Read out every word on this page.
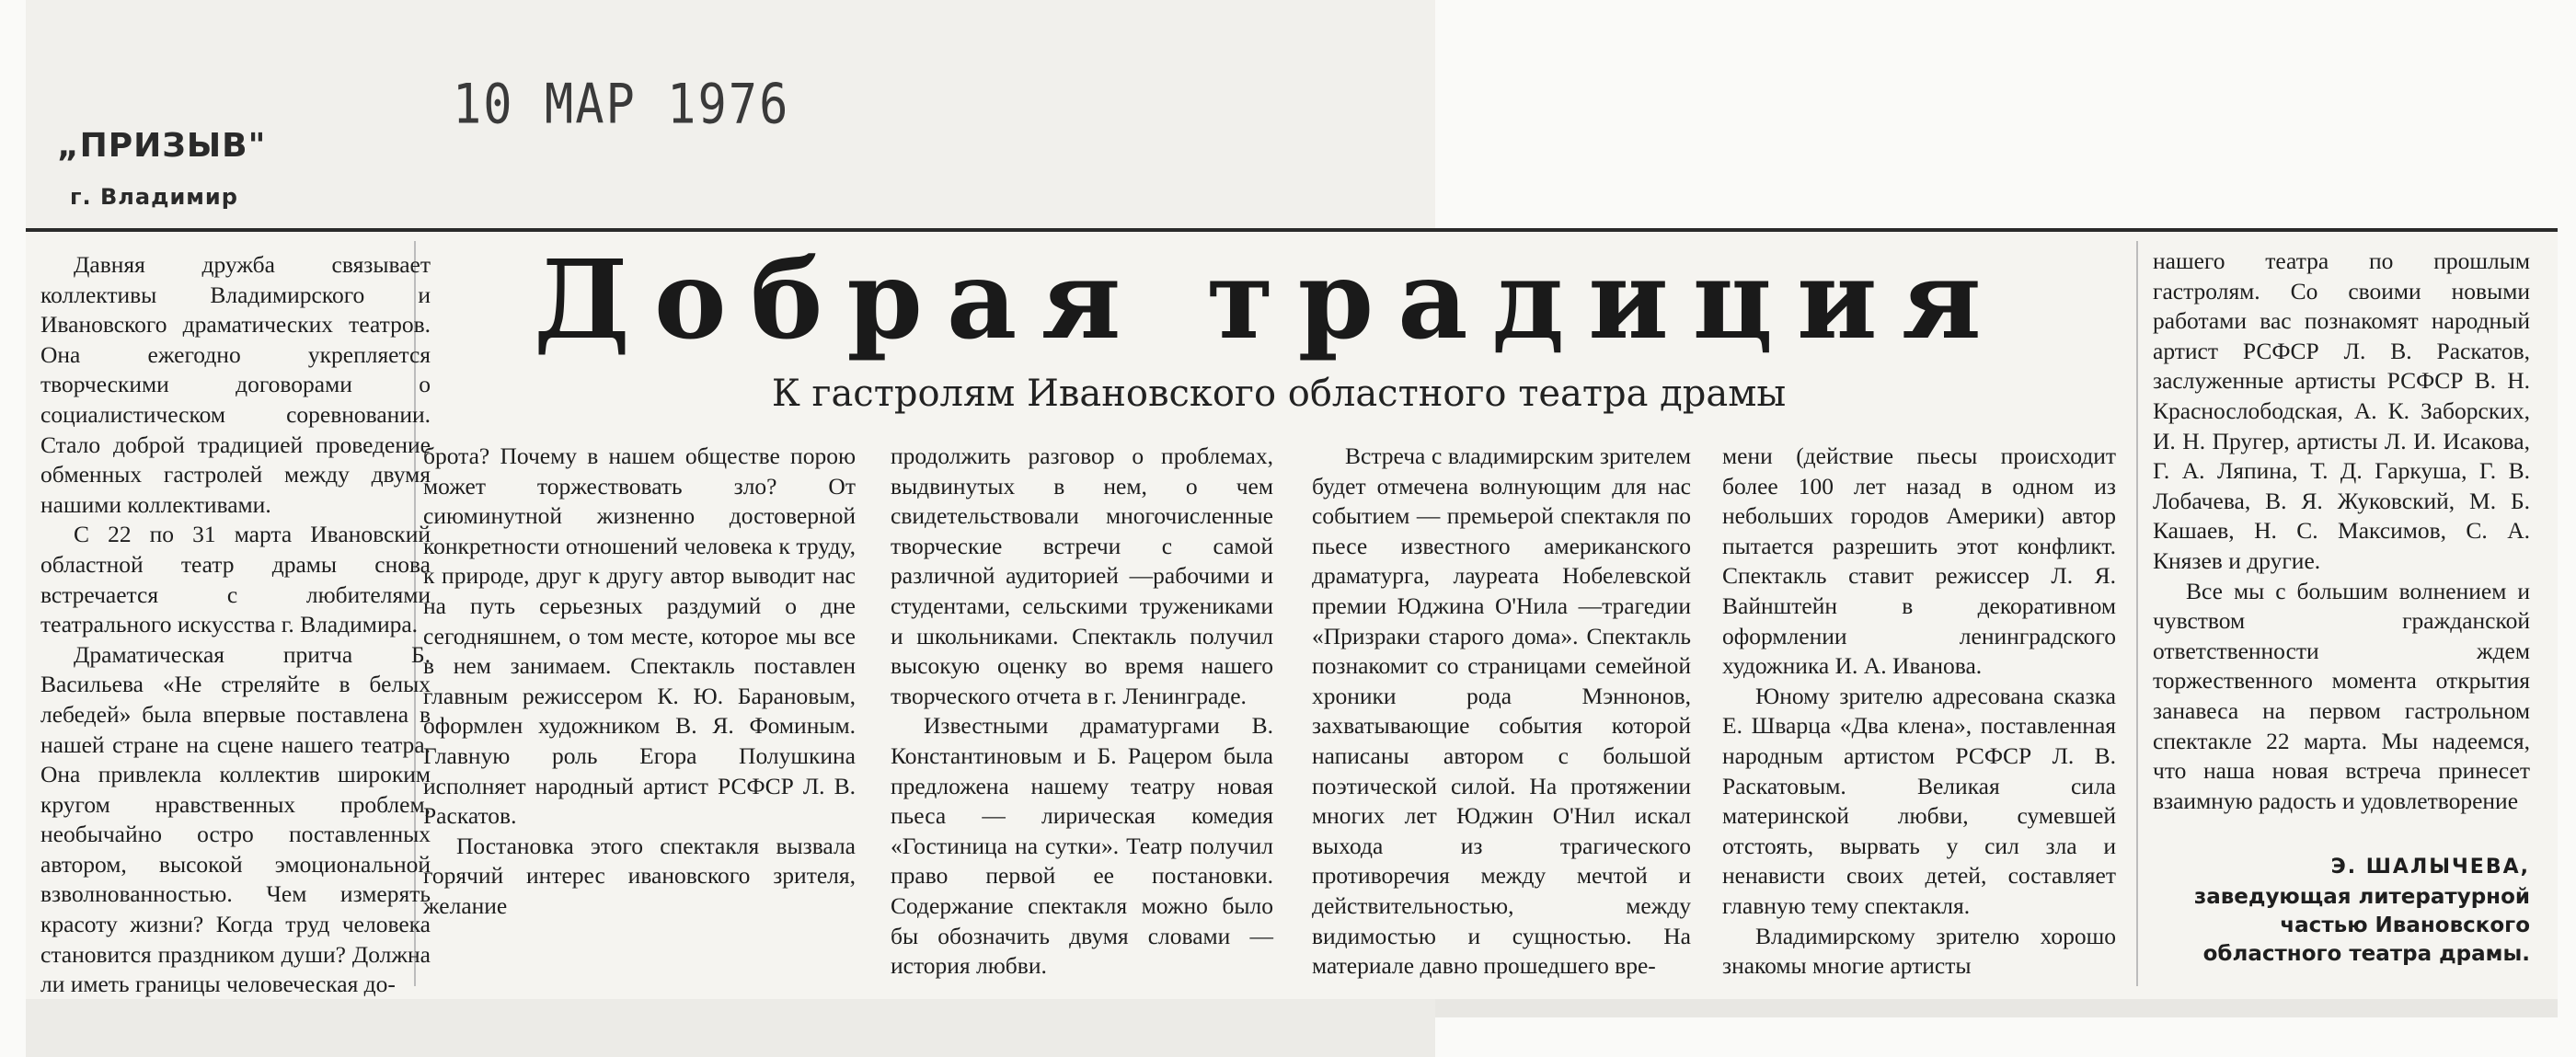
10 МАР 1976
„ПРИЗЫВ"
г. Владимир
Добрая традиция
К гастролям Ивановского областного театра драмы

Давняя дружба связывает коллективы Владимирского и Ивановского драматических театров. Она ежегодно укрепляется творческими договорами о социалистическом соревновании. Стало доброй традицией проведение обменных гастролей между двумя нашими коллективами.

С 22 по 31 марта Ивановский областной театр драмы снова встречается с любителями театрального искусства г. Владимира.

Драматическая притча Б. Васильева «Не стреляйте в белых лебедей» была впервые поставлена в нашей стране на сцене нашего театра. Она привлекла коллектив широким кругом нравственных проблем, необычайно остро поставленных автором, высокой эмоциональной взволнованностью. Чем измерять красоту жизни? Когда труд человека становится праздником души? Должна ли иметь границы человеческая до-

брота? Почему в нашем обществе порою может торжествовать зло? От сиюминутной жизненно достоверной конкретности отношений человека к труду, к природе, друг к другу автор выводит нас на путь серьезных раздумий о дне сегодняшнем, о том месте, которое мы все в нем занимаем. Спектакль поставлен главным режиссером К. Ю. Барановым, оформлен художником В. Я. Фоминым. Главную роль Егора Полушкина исполняет народный артист РСФСР Л. В. Раскатов.

Постановка этого спектакля вызвала горячий интерес ивановского зрителя, желание

продолжить разговор о проблемах, выдвинутых в нем, о чем свидетельствовали многочисленные творческие встречи с самой различной аудиторией —рабочими и студентами, сельскими тружениками и школьниками. Спектакль получил высокую оценку во время нашего творческого отчета в г. Ленинграде.

Известными драматургами В. Константиновым и Б. Рацером была предложена нашему театру новая пьеса — лирическая комедия «Гостиница на сутки». Театр получил право первой ее постановки. Содержание спектакля можно было бы обозначить двумя словами —история любви.

Встреча с владимирским зрителем будет отмечена волнующим для нас событием — премьерой спектакля по пьесе известного американского драматурга, лауреата Нобелевской премии Юджина О'Нила —трагедии «Призраки старого дома». Спектакль познакомит со страницами семейной хроники рода Мэннонов, захватывающие события которой написаны автором с большой поэтической силой. На протяжении многих лет Юджин О'Нил искал выхода из трагического противоречия между мечтой и действительностью, между видимостью и сущностью. На материале давно прошедшего вре-

мени (действие пьесы происходит более 100 лет назад в одном из небольших городов Америки) автор пытается разрешить этот конфликт. Спектакль ставит режиссер Л. Я. Вайнштейн в декоративном оформлении ленинградского художника И. А. Иванова.

Юному зрителю адресована сказка Е. Шварца «Два клена», поставленная народным артистом РСФСР Л. В. Раскатовым. Великая сила материнской любви, сумевшей отстоять, вырвать у сил зла и ненависти своих детей, составляет главную тему спектакля.

Владимирскому зрителю хорошо знакомы многие артисты

нашего театра по прошлым гастролям. Со своими новыми работами вас познакомят народный артист РСФСР Л. В. Раскатов, заслуженные артисты РСФСР В. Н. Краснослободская, А. К. Заборских, И. Н. Пругер, артисты Л. И. Исакова, Г. А. Ляпина, Т. Д. Гаркуша, Г. В. Лобачева, В. Я. Жуковский, М. Б. Кашаев, Н. С. Максимов, С. А. Князев и другие.

Все мы с большим волнением и чувством гражданской ответственности ждем торжественного момента открытия занавеса на первом гастрольном спектакле 22 марта. Мы надеемся, что наша новая встреча принесет взаимную радость и удовлетворение

Э. ШАЛЫЧЕВА,
заведующая литературной частью Ивановского областного театра драмы.
